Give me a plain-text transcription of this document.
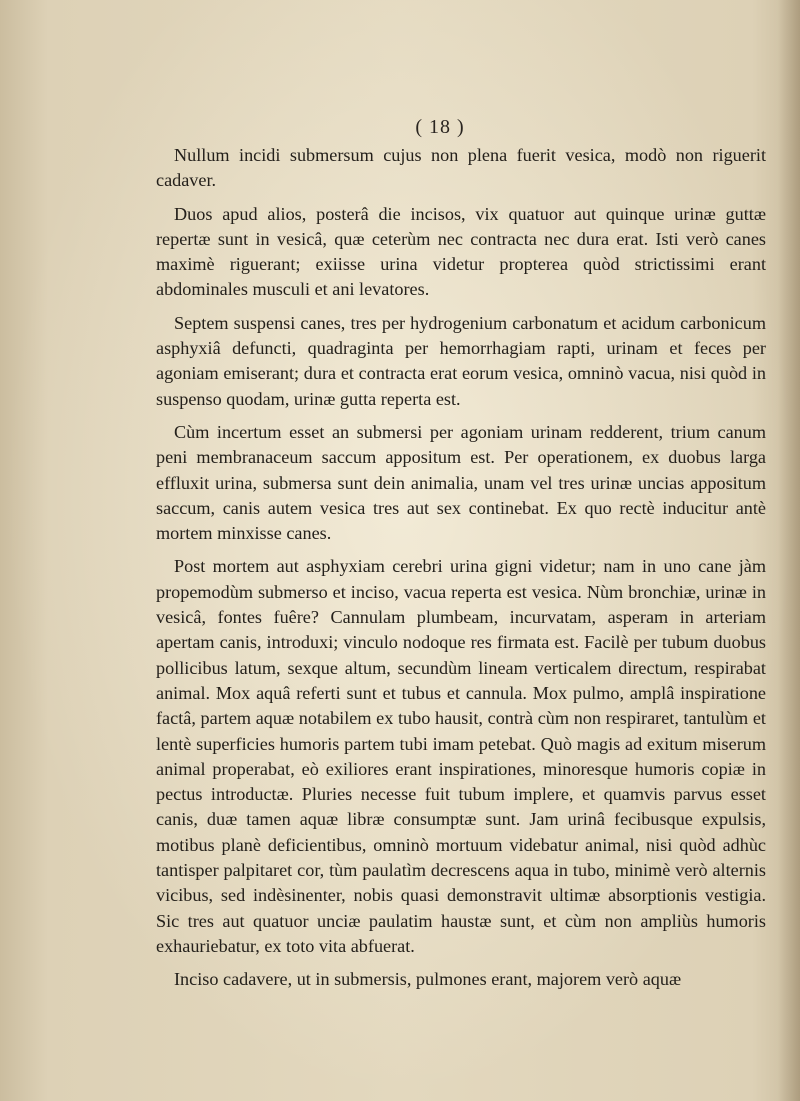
( 18 )

Nullum incidi submersum cujus non plena fuerit vesica, modò non riguerit cadaver.

Duos apud alios, posterâ die incisos, vix quatuor aut quinque urinæ guttæ repertæ sunt in vesicâ, quæ ceterùm nec contracta nec dura erat. Isti verò canes maximè riguerant; exiisse urina videtur propterea quòd strictissimi erant abdominales musculi et ani levatores.

Septem suspensi canes, tres per hydrogenium carbonatum et acidum carbonicum asphyxiâ defuncti, quadraginta per hemorrhagiam rapti, urinam et feces per agoniam emiserant; dura et contracta erat eorum vesica, omninò vacua, nisi quòd in suspenso quodam, urinæ gutta reperta est.

Cùm incertum esset an submersi per agoniam urinam redderent, trium canum peni membranaceum saccum appositum est. Per operationem, ex duobus larga effluxit urina, submersa sunt dein animalia, unam vel tres urinæ uncias appositum saccum, canis autem vesica tres aut sex continebat. Ex quo rectè inducitur antè mortem minxisse canes.

Post mortem aut asphyxiam cerebri urina gigni videtur; nam in uno cane jàm propemodùm submerso et inciso, vacua reperta est vesica. Nùm bronchiæ, urinæ in vesicâ, fontes fuêre? Cannulam plumbeam, incurvatam, asperam in arteriam apertam canis, introduxi; vinculo nodoque res firmata est. Facilè per tubum duobus pollicibus latum, sexque altum, secundùm lineam verticalem directum, respirabat animal. Mox aquâ referti sunt et tubus et cannula. Mox pulmo, amplâ inspiratione factâ, partem aquæ notabilem ex tubo hausit, contrà cùm non respiraret, tantulùm et lentè superficies humoris partem tubi imam petebat. Quò magis ad exitum miserum animal properabat, eò exiliores erant inspirationes, minoresque humoris copiæ in pectus introductæ. Pluries necesse fuit tubum implere, et quamvis parvus esset canis, duæ tamen aquæ libræ consumptæ sunt. Jam urinâ fecibusque expulsis, motibus planè deficientibus, omninò mortuum videbatur animal, nisi quòd adhùc tantisper palpitaret cor, tùm paulatìm decrescens aqua in tubo, minimè verò alternis vicibus, sed indèsinenter, nobis quasi demonstravit ultimæ absorptionis vestigia. Sic tres aut quatuor unciæ paulatim haustæ sunt, et cùm non ampliùs humoris exhauriebatur, ex toto vita abfuerat.

Inciso cadavere, ut in submersis, pulmones erant, majorem verò aquæ
